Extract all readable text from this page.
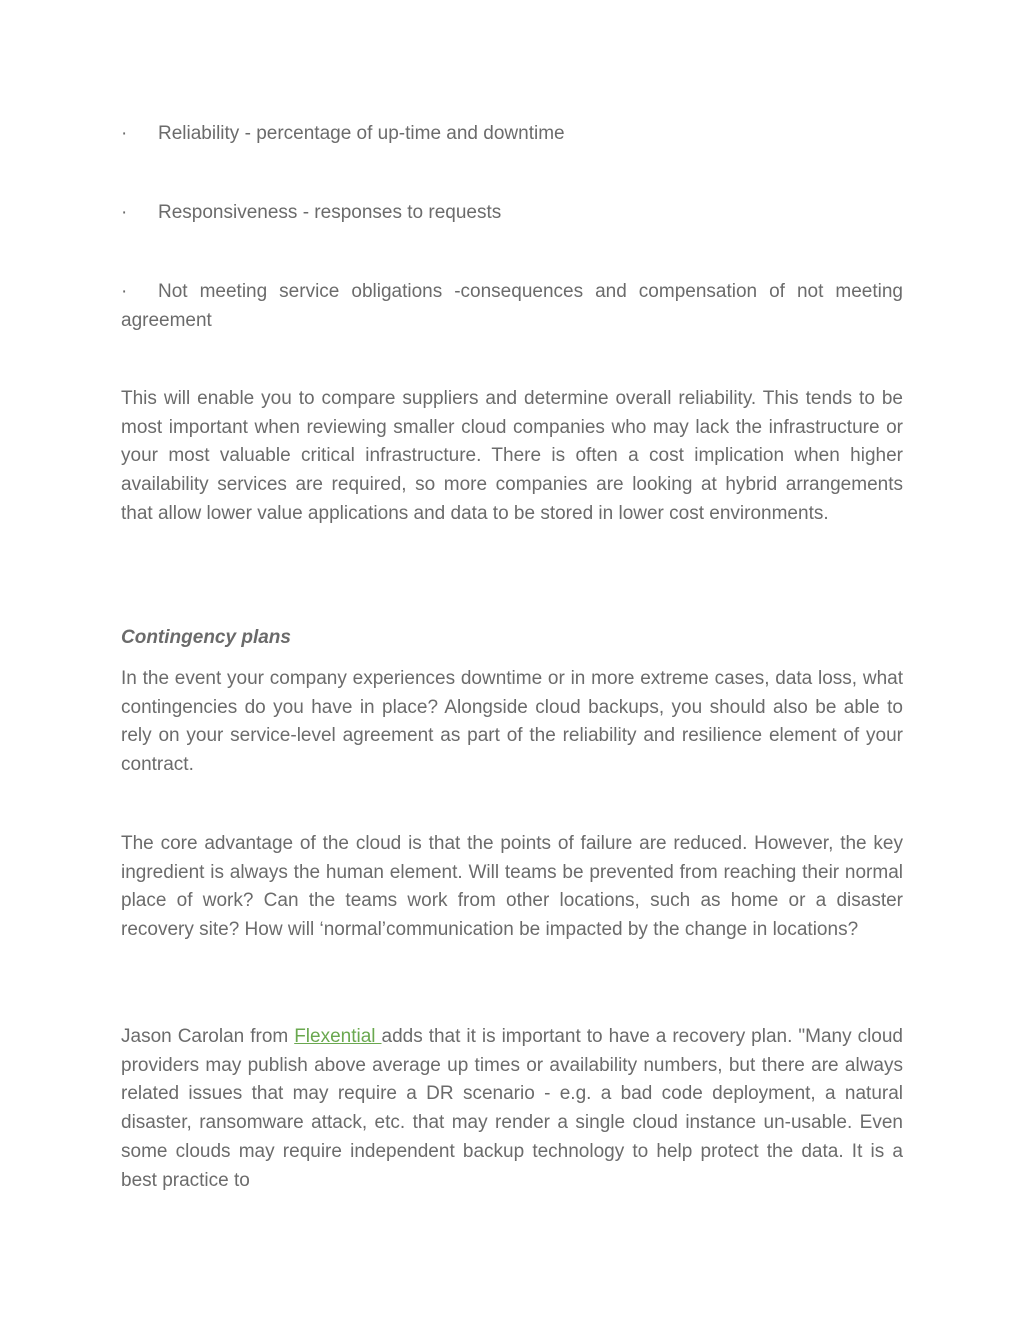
· Reliability - percentage of up-time and downtime
· Responsiveness - responses to requests
· Not meeting service obligations -consequences and compensation of not meeting agreement

This will enable you to compare suppliers and determine overall reliability. This tends to be most important when reviewing smaller cloud companies who may lack the infrastructure or your most valuable critical infrastructure. There is often a cost implication when higher availability services are required, so more companies are looking at hybrid arrangements that allow lower value applications and data to be stored in lower cost environments.

Contingency plans

In the event your company experiences downtime or in more extreme cases, data loss, what contingencies do you have in place? Alongside cloud backups, you should also be able to rely on your service-level agreement as part of the reliability and resilience element of your contract.

The core advantage of the cloud is that the points of failure are reduced. However, the key ingredient is always the human element. Will teams be prevented from reaching their normal place of work? Can the teams work from other locations, such as home or a disaster recovery site? How will ‘normal’communication be impacted by the change in locations?

Jason Carolan from Flexential adds that it is important to have a recovery plan. "Many cloud providers may publish above average up times or availability numbers, but there are always related issues that may require a DR scenario - e.g. a bad code deployment, a natural disaster, ransomware attack, etc. that may render a single cloud instance un-usable. Even some clouds may require independent backup technology to help protect the data. It is a best practice to
